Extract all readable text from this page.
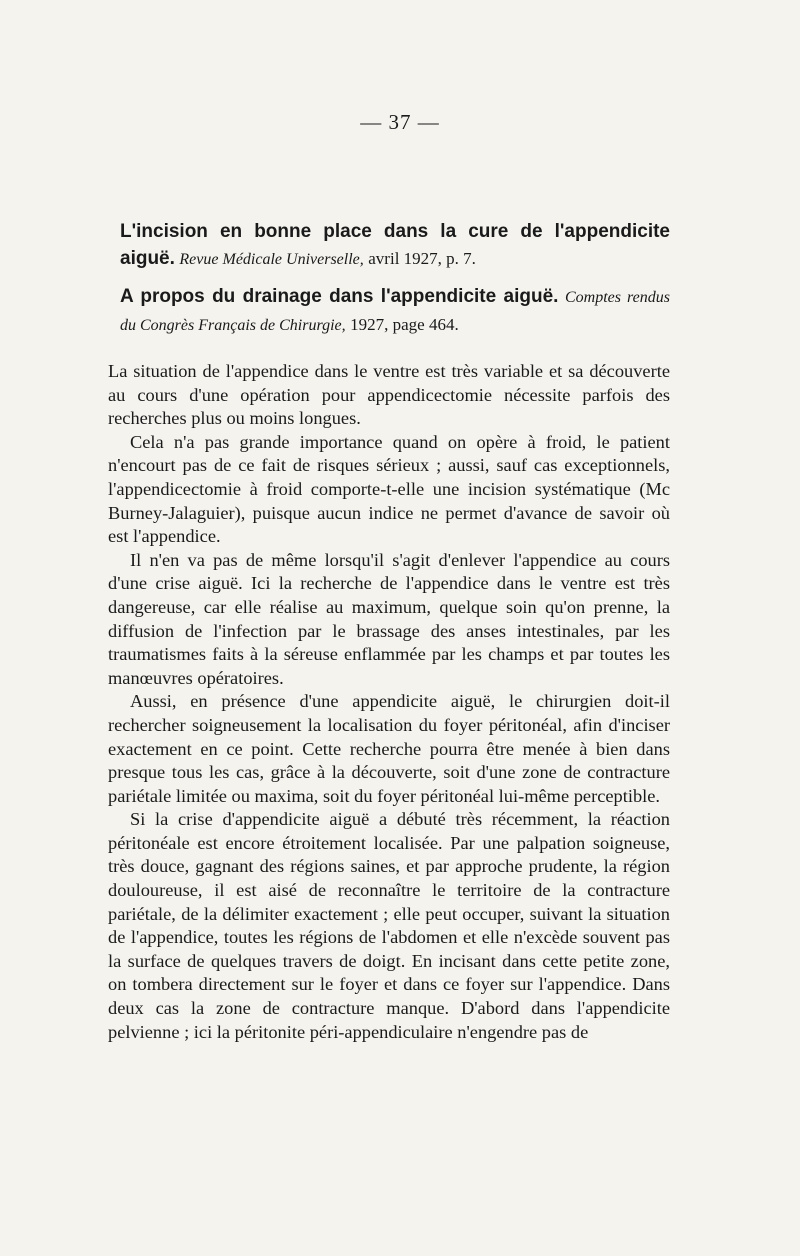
— 37 —

L'incision en bonne place dans la cure de l'appendicite aiguë. Revue Médicale Universelle, avril 1927, p. 7.

A propos du drainage dans l'appendicite aiguë. Comptes rendus du Congrès Français de Chirurgie, 1927, page 464.

La situation de l'appendice dans le ventre est très variable et sa découverte au cours d'une opération pour appendicectomie nécessite parfois des recherches plus ou moins longues.

Cela n'a pas grande importance quand on opère à froid, le patient n'encourt pas de ce fait de risques sérieux ; aussi, sauf cas exceptionnels, l'appendicectomie à froid comporte-t-elle une incision systématique (Mc Burney-Jalaguier), puisque aucun indice ne permet d'avance de savoir où est l'appendice.

Il n'en va pas de même lorsqu'il s'agit d'enlever l'appendice au cours d'une crise aiguë. Ici la recherche de l'appendice dans le ventre est très dangereuse, car elle réalise au maximum, quelque soin qu'on prenne, la diffusion de l'infection par le brassage des anses intestinales, par les traumatismes faits à la séreuse enflammée par les champs et par toutes les manœuvres opératoires.

Aussi, en présence d'une appendicite aiguë, le chirurgien doit-il rechercher soigneusement la localisation du foyer péritonéal, afin d'inciser exactement en ce point. Cette recherche pourra être menée à bien dans presque tous les cas, grâce à la découverte, soit d'une zone de contracture pariétale limitée ou maxima, soit du foyer péritonéal lui-même perceptible.

Si la crise d'appendicite aiguë a débuté très récemment, la réaction péritonéale est encore étroitement localisée. Par une palpation soigneuse, très douce, gagnant des régions saines, et par approche prudente, la région douloureuse, il est aisé de reconnaître le territoire de la contracture pariétale, de la délimiter exactement ; elle peut occuper, suivant la situation de l'appendice, toutes les régions de l'abdomen et elle n'excède souvent pas la surface de quelques travers de doigt. En incisant dans cette petite zone, on tombera directement sur le foyer et dans ce foyer sur l'appendice. Dans deux cas la zone de contracture manque. D'abord dans l'appendicite pelvienne ; ici la péritonite péri-appendiculaire n'engendre pas de
